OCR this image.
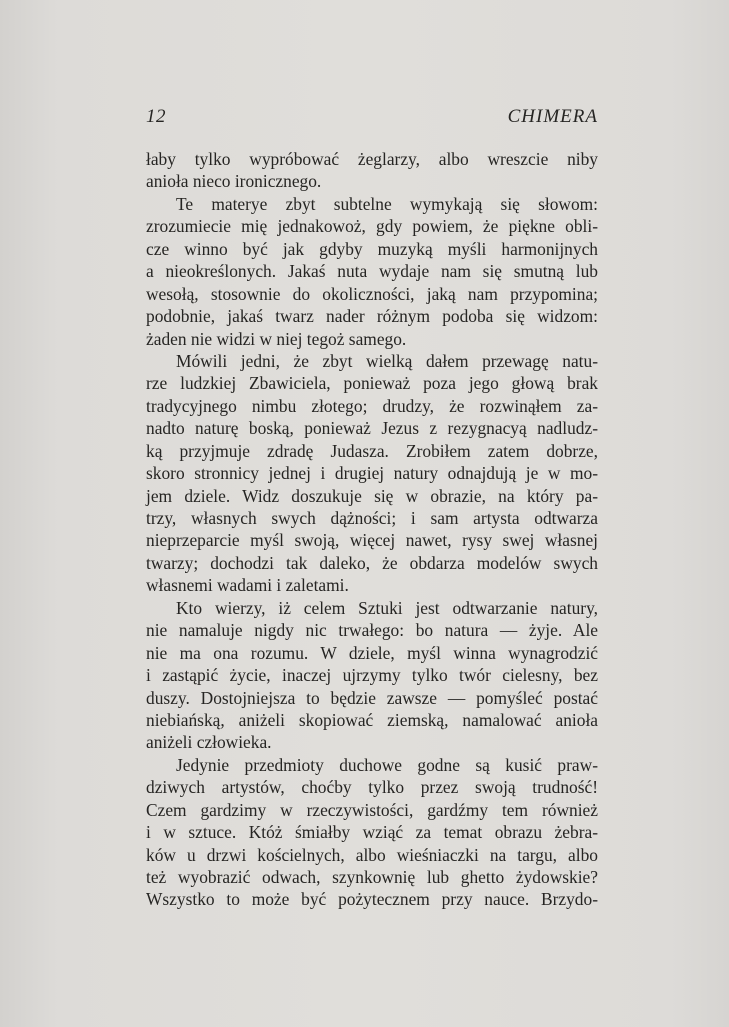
12	CHIMERA
łaby tylko wypróbować żeglarzy, albo wreszcie niby
anioła nieco ironicznego.
Te materye zbyt subtelne wymykają się słowom:
zrozumiecie mię jednakowoż, gdy powiem, że piękne obli-
cze winno być jak gdyby muzyką myśli harmonijnych
a nieokreślonych. Jakaś nuta wydaje nam się smutną lub
wesołą, stosownie do okoliczności, jaką nam przypomina;
podobnie, jakaś twarz nader różnym podoba się widzom:
żaden nie widzi w niej tegoż samego.
Mówili jedni, że zbyt wielką dałem przewagę natu-
rze ludzkiej Zbawiciela, ponieważ poza jego głową brak
tradycyjnego nimbu złotego; drudzy, że rozwinąłem za-
nadto naturę boską, ponieważ Jezus z rezygnacyą nadludz-
ką przyjmuje zdradę Judasza. Zrobiłem zatem dobrze,
skoro stronnicy jednej i drugiej natury odnajdują je w mo-
jem dziele. Widz doszukuje się w obrazie, na który pa-
trzy, własnych swych dążności; i sam artysta odtwarza
nieprzeparcie myśl swoją, więcej nawet, rysy swej własnej
twarzy; dochodzi tak daleko, że obdarza modelów swych
własnemi wadami i zaletami.
Kto wierzy, iż celem Sztuki jest odtwarzanie natury,
nie namaluje nigdy nic trwałego: bo natura — żyje. Ale
nie ma ona rozumu. W dziele, myśl winna wynagrodzić
i zastąpić życie, inaczej ujrzymy tylko twór cielesny, bez
duszy. Dostojniejsza to będzie zawsze — pomyśleć postać
niebiańską, aniżeli skopiować ziemską, namalować anioła
aniżeli człowieka.
Jedynie przedmioty duchowe godne są kusić praw-
dziwych artystów, choćby tylko przez swoją trudność!
Czem gardzimy w rzeczywistości, gardźmy tem również
i w sztuce. Któż śmiałby wziąć za temat obrazu żebra-
ków u drzwi kościelnych, albo wieśniaczki na targu, albo
też wyobrazić odwach, szynkownię lub ghetto żydowskie?
Wszystko to może być pożytecznem przy nauce. Brzydo-
